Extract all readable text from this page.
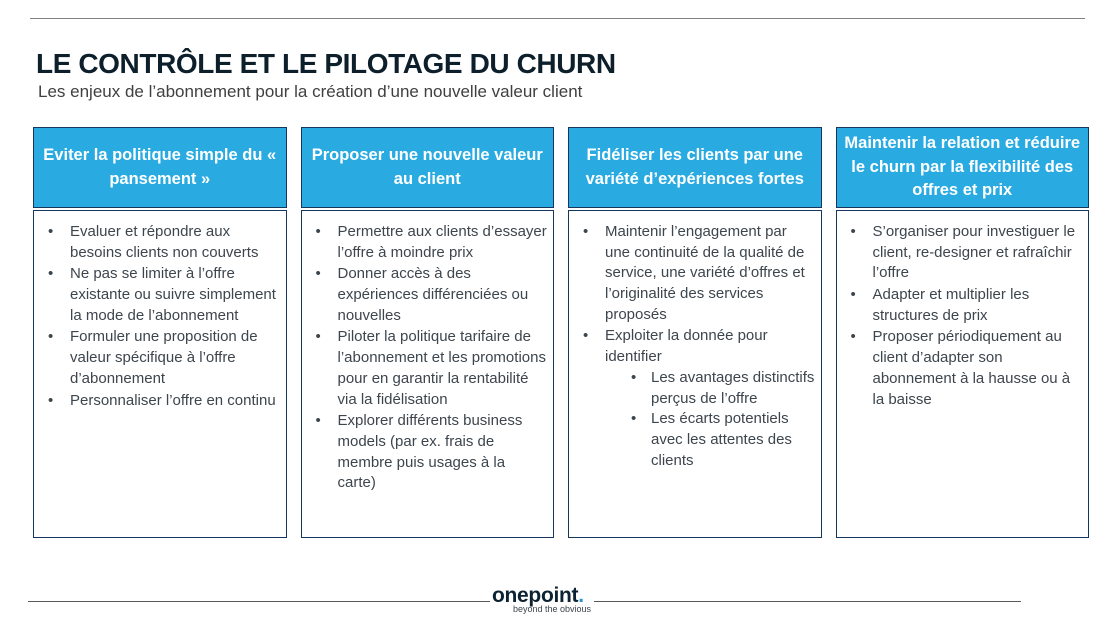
LE CONTRÔLE ET LE PILOTAGE DU CHURN
Les enjeux de l’abonnement pour la création d’une nouvelle valeur client
Eviter la politique simple du « pansement »
• Evaluer et répondre aux besoins clients non couverts
• Ne pas se limiter à l’offre existante ou suivre simplement la mode de l’abonnement
• Formuler une proposition de valeur spécifique à l’offre d’abonnement
• Personnaliser l’offre en continu
Proposer une nouvelle valeur au client
• Permettre aux clients d’essayer l’offre à moindre prix
• Donner accès à des expériences différenciées ou nouvelles
• Piloter la politique tarifaire de l’abonnement et les promotions pour en garantir la rentabilité via la fidélisation
• Explorer différents business models (par ex. frais de membre puis usages à la carte)
Fidéliser les clients par une variété d’expériences fortes
• Maintenir l’engagement par une continuité de la qualité de service, une variété d’offres et l’originalité des services proposés
• Exploiter la donnée pour identifier
• Les avantages distinctifs perçus de l’offre
• Les écarts potentiels avec les attentes des clients
Maintenir la relation et réduire le churn par la flexibilité des offres et prix
• S’organiser pour investiguer le client, re-designer et rafraîchir l’offre
• Adapter et multiplier les structures de prix
• Proposer périodiquement au client d’adapter son abonnement à la hausse ou à la baisse
onepoint.
beyond the obvious
